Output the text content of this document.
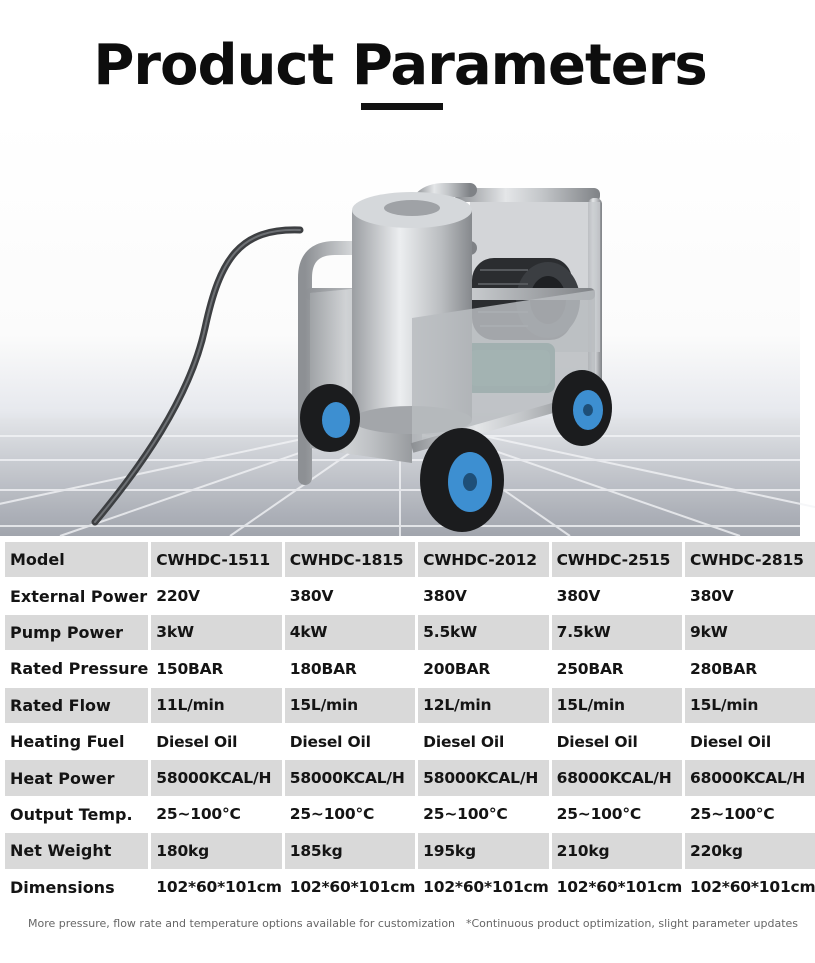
Product Parameters
Model	CWHDC-1511	CWHDC-1815	CWHDC-2012	CWHDC-2515	CWHDC-2815
External Power	220V	380V	380V	380V	380V
Pump Power	3kW	4kW	5.5kW	7.5kW	9kW
Rated Pressure	150BAR	180BAR	200BAR	250BAR	280BAR
Rated Flow	11L/min	15L/min	12L/min	15L/min	15L/min
Heating Fuel	Diesel Oil	Diesel Oil	Diesel Oil	Diesel Oil	Diesel Oil
Heat Power	58000KCAL/H	58000KCAL/H	58000KCAL/H	68000KCAL/H	68000KCAL/H
Output Temp.	25~100°C	25~100°C	25~100°C	25~100°C	25~100°C
Net Weight	180kg	185kg	195kg	210kg	220kg
Dimensions	102*60*101cm	102*60*101cm	102*60*101cm	102*60*101cm	102*60*101cm
More pressure, flow rate and temperature options available for customization *Continuous product optimization, slight parameter updates
